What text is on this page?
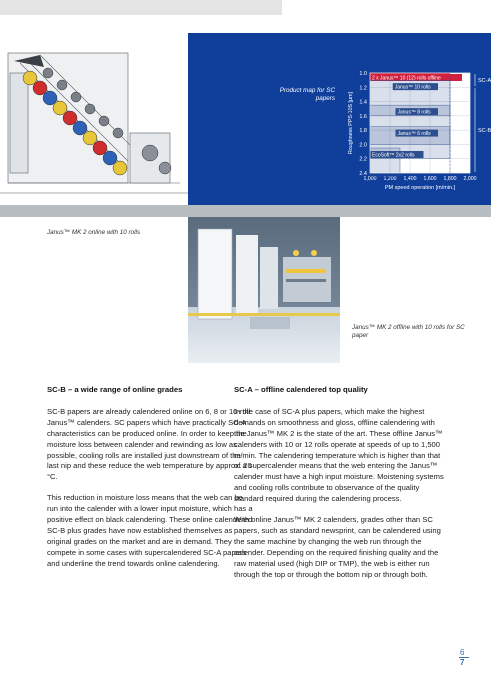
Product map for SC papers
1.0
1.2
1.4
1.6
1.8
2.0
2.2
2.4
1,000 1,200 1,400 1,600 1,800 2,000
PM speed operation [m/min.]
Roughness PPS-10S [µm]
SC-A
SC-B
2 x Janus™ 10 (12) rolls offline
Janus™ 10 rolls
Janus™ 8 rolls
Janus™ 6 rolls
EcoSoft™ 2x2 rolls
Janus™ MK 2 online with 10 rolls
Janus™ MK 2 offline with 10 rolls for SC paper
SC-B – a wide range of online grades

SC-B papers are already calendered online on 6, 8 or 10-roll Janus™ calenders. SC papers which have practically SC-A characteristics can be produced online. In order to keep the moisture loss between calender and rewinding as low as possible, cooling rolls are installed just downstream of the last nip and these reduce the web temperature by approx. 20 °C.

This reduction in moisture loss means that the web can be run into the calender with a lower input moisture, which has a positive effect on black calendering. These online calendered SC-B plus grades have now established themselves as original grades on the market and are in demand. They compete in some cases with supercalendered SC-A papers and underline the trend towards online calendering.

SC-A – offline calendered top quality

In the case of SC-A plus papers, which make the highest demands on smoothness and gloss, offline calendering with the Janus™ MK 2 is the state of the art. These offline Janus™ calenders with 10 or 12 rolls operate at speeds of up to 1,500 m/min. The calendering temperature which is higher than that of a supercalender means that the web entering the Janus™ calender must have a high input moisture. Moistening systems and cooling rolls contribute to observance of the quality standard required during the calendering process.

With online Janus™ MK 2 calenders, grades other than SC papers, such as standard newsprint, can be calendered using the same machine by changing the web run through the calender. Depending on the required finishing quality and the raw material used (high DIP or TMP), the web is either run through the top or through the bottom nip or through both.

6
7
